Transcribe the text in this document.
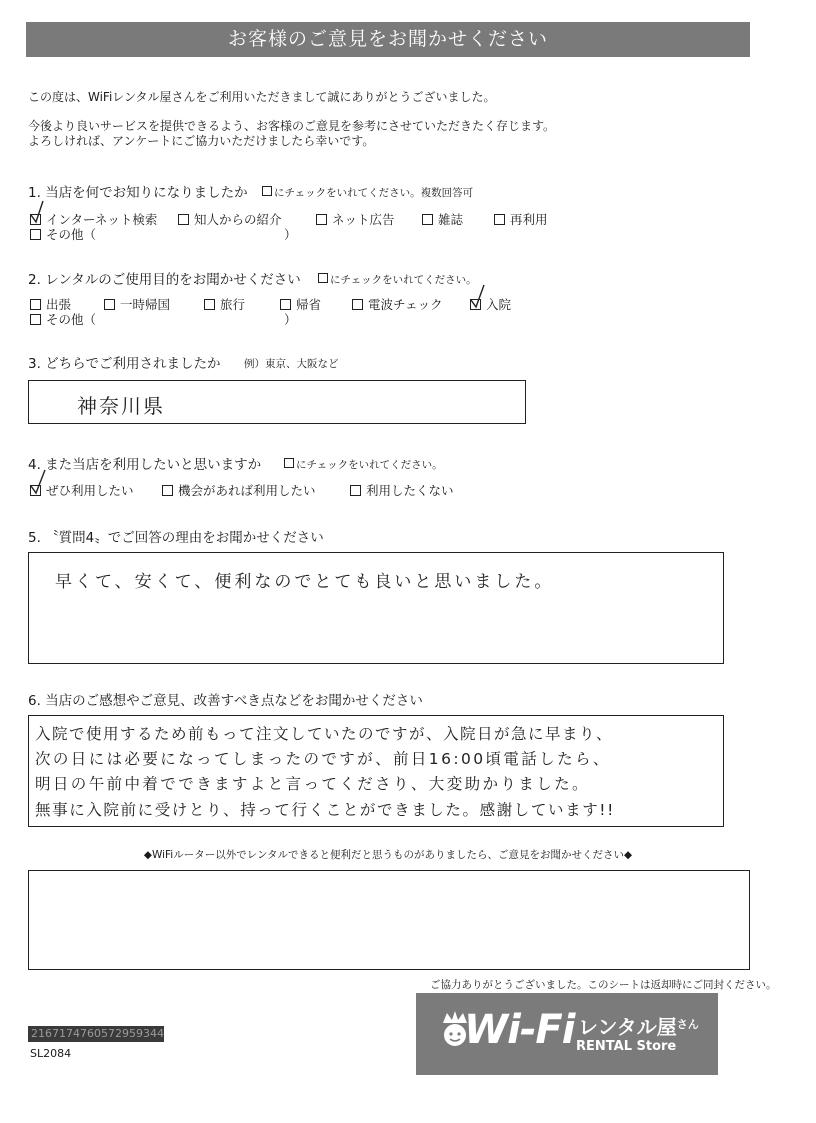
お客様のご意見をお聞かせください
この度は、WiFiレンタル屋さんをご利用いただきまして誠にありがとうございました。
今後より良いサービスを提供できるよう、お客様のご意見を参考にさせていただきたく存じます。
よろしければ、アンケートにご協力いただけましたら幸いです。
1. 当店を何でお知りになりましたか	にチェックをいれてください。複数回答可
インターネット検索	知人からの紹介	ネット広告	雑誌	再利用
その他（	）
2. レンタルのご使用目的をお聞かせください	にチェックをいれてください。
出張	一時帰国	旅行	帰省	電波チェック	入院
その他（	）
3. どちらでご利用されましたか 例）東京、大阪など
神奈川県
4. また当店を利用したいと思いますか	にチェックをいれてください。
ぜひ利用したい	機会があれば利用したい	利用したくない
5. 〝質問4〟でご回答の理由をお聞かせください
早くて、安くて、便利なのでとても良いと思いました。
6. 当店のご感想やご意見、改善すべき点などをお聞かせください
入院で使用するため前もって注文していたのですが、入院日が急に早まり、
次の日には必要になってしまったのですが、前日16:00頃電話したら、
明日の午前中着でできますよと言ってくださり、大変助かりました。
無事に入院前に受けとり、持って行くことができました。感謝しています!!
◆WiFiルーター以外でレンタルできると便利だと思うものがありましたら、ご意見をお聞かせください◆
ご協力ありがとうございました。このシートは返却時にご同封ください。
2167174760572959344
SL2084
Wi-Fi レンタル屋$^{さん}$
RENTAL Store
